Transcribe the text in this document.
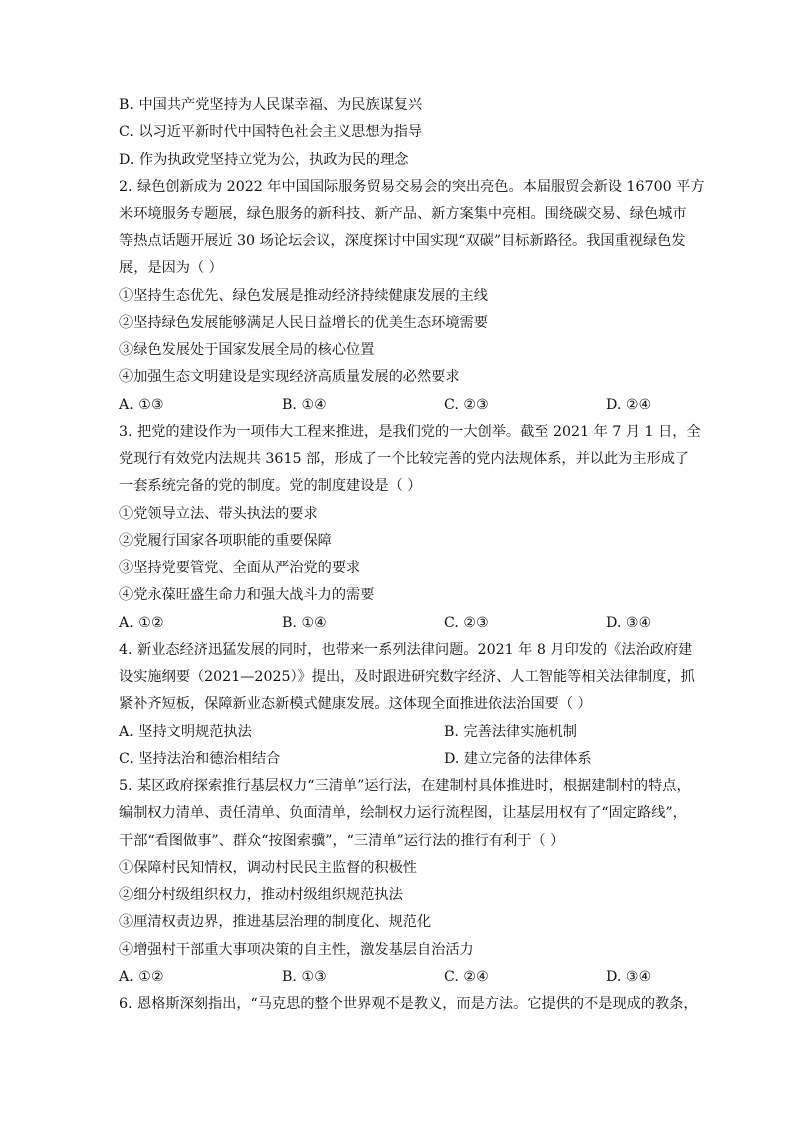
B. 中国共产党坚持为人民谋幸福、为民族谋复兴
C. 以习近平新时代中国特色社会主义思想为指导
D. 作为执政党坚持立党为公，执政为民的理念
2. 绿色创新成为 2022 年中国国际服务贸易交易会的突出亮色。本届服贸会新设 16700 平方
米环境服务专题展，绿色服务的新科技、新产品、新方案集中亮相。围绕碳交易、绿色城市
等热点话题开展近 30 场论坛会议，深度探讨中国实现“双碳”目标新路径。我国重视绿色发
展，是因为（ ）
①坚持生态优先、绿色发展是推动经济持续健康发展的主线
②坚持绿色发展能够满足人民日益增长的优美生态环境需要
③绿色发展处于国家发展全局的核心位置
④加强生态文明建设是实现经济高质量发展的必然要求
A. ①③	B. ①④	C. ②③	D. ②④
3. 把党的建设作为一项伟大工程来推进，是我们党的一大创举。截至 2021 年 7 月 1 日，全
党现行有效党内法规共 3615 部，形成了一个比较完善的党内法规体系，并以此为主形成了
一套系统完备的党的制度。党的制度建设是（ ）
①党领导立法、带头执法的要求
②党履行国家各项职能的重要保障
③坚持党要管党、全面从严治党的要求
④党永葆旺盛生命力和强大战斗力的需要
A. ①②	B. ①④	C. ②③	D. ③④
4. 新业态经济迅猛发展的同时，也带来一系列法律问题。2021 年 8 月印发的《法治政府建
设实施纲要（2021—2025）》提出，及时跟进研究数字经济、人工智能等相关法律制度，抓
紧补齐短板，保障新业态新模式健康发展。这体现全面推进依法治国要（ ）
A. 坚持文明规范执法	B. 完善法律实施机制
C. 坚持法治和德治相结合	D. 建立完备的法律体系
5. 某区政府探索推行基层权力“三清单”运行法，在建制村具体推进时，根据建制村的特点，
编制权力清单、责任清单、负面清单，绘制权力运行流程图，让基层用权有了“固定路线”，
干部“看图做事”、群众“按图索骥”，“三清单”运行法的推行有利于（ ）
①保障村民知情权，调动村民民主监督的积极性
②细分村级组织权力，推动村级组织规范执法
③厘清权责边界，推进基层治理的制度化、规范化
④增强村干部重大事项决策的自主性，激发基层自治活力
A. ①②	B. ①③	C. ②④	D. ③④
6. 恩格斯深刻指出，“马克思的整个世界观不是教义，而是方法。它提供的不是现成的教条，
